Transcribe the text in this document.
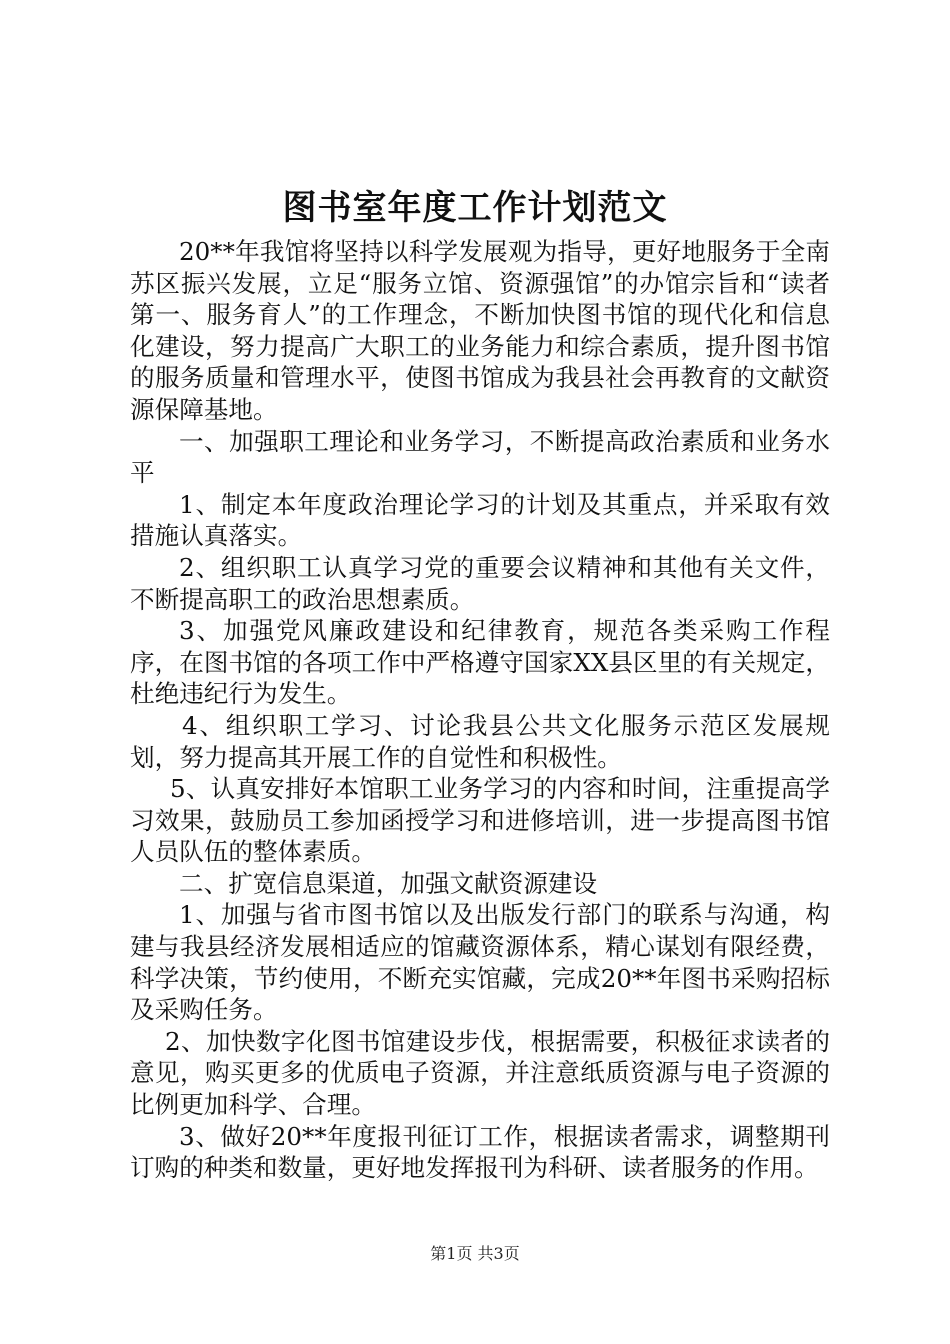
图书室年度工作计划范文

20**年我馆将坚持以科学发展观为指导，更好地服务于全南苏区振兴发展，立足“服务立馆、资源强馆”的办馆宗旨和“读者第一、服务育人”的工作理念，不断加快图书馆的现代化和信息化建设，努力提高广大职工的业务能力和综合素质，提升图书馆的服务质量和管理水平，使图书馆成为我县社会再教育的文献资源保障基地。

一、加强职工理论和业务学习，不断提高政治素质和业务水平

1、制定本年度政治理论学习的计划及其重点，并采取有效措施认真落实。

2、组织职工认真学习党的重要会议精神和其他有关文件，不断提高职工的政治思想素质。

3、加强党风廉政建设和纪律教育，规范各类采购工作程序，在图书馆的各项工作中严格遵守国家XX县区里的有关规定，杜绝违纪行为发生。

4、组织职工学习、讨论我县公共文化服务示范区发展规划，努力提高其开展工作的自觉性和积极性。

5、认真安排好本馆职工业务学习的内容和时间，注重提高学习效果，鼓励员工参加函授学习和进修培训，进一步提高图书馆人员队伍的整体素质。

二、扩宽信息渠道，加强文献资源建设

1、加强与省市图书馆以及出版发行部门的联系与沟通，构建与我县经济发展相适应的馆藏资源体系，精心谋划有限经费，科学决策，节约使用，不断充实馆藏，完成20**年图书采购招标及采购任务。

2、加快数字化图书馆建设步伐，根据需要，积极征求读者的意见，购买更多的优质电子资源，并注意纸质资源与电子资源的比例更加科学、合理。

3、做好20**年度报刊征订工作，根据读者需求，调整期刊订购的种类和数量，更好地发挥报刊为科研、读者服务的作用。

第1页 共3页
